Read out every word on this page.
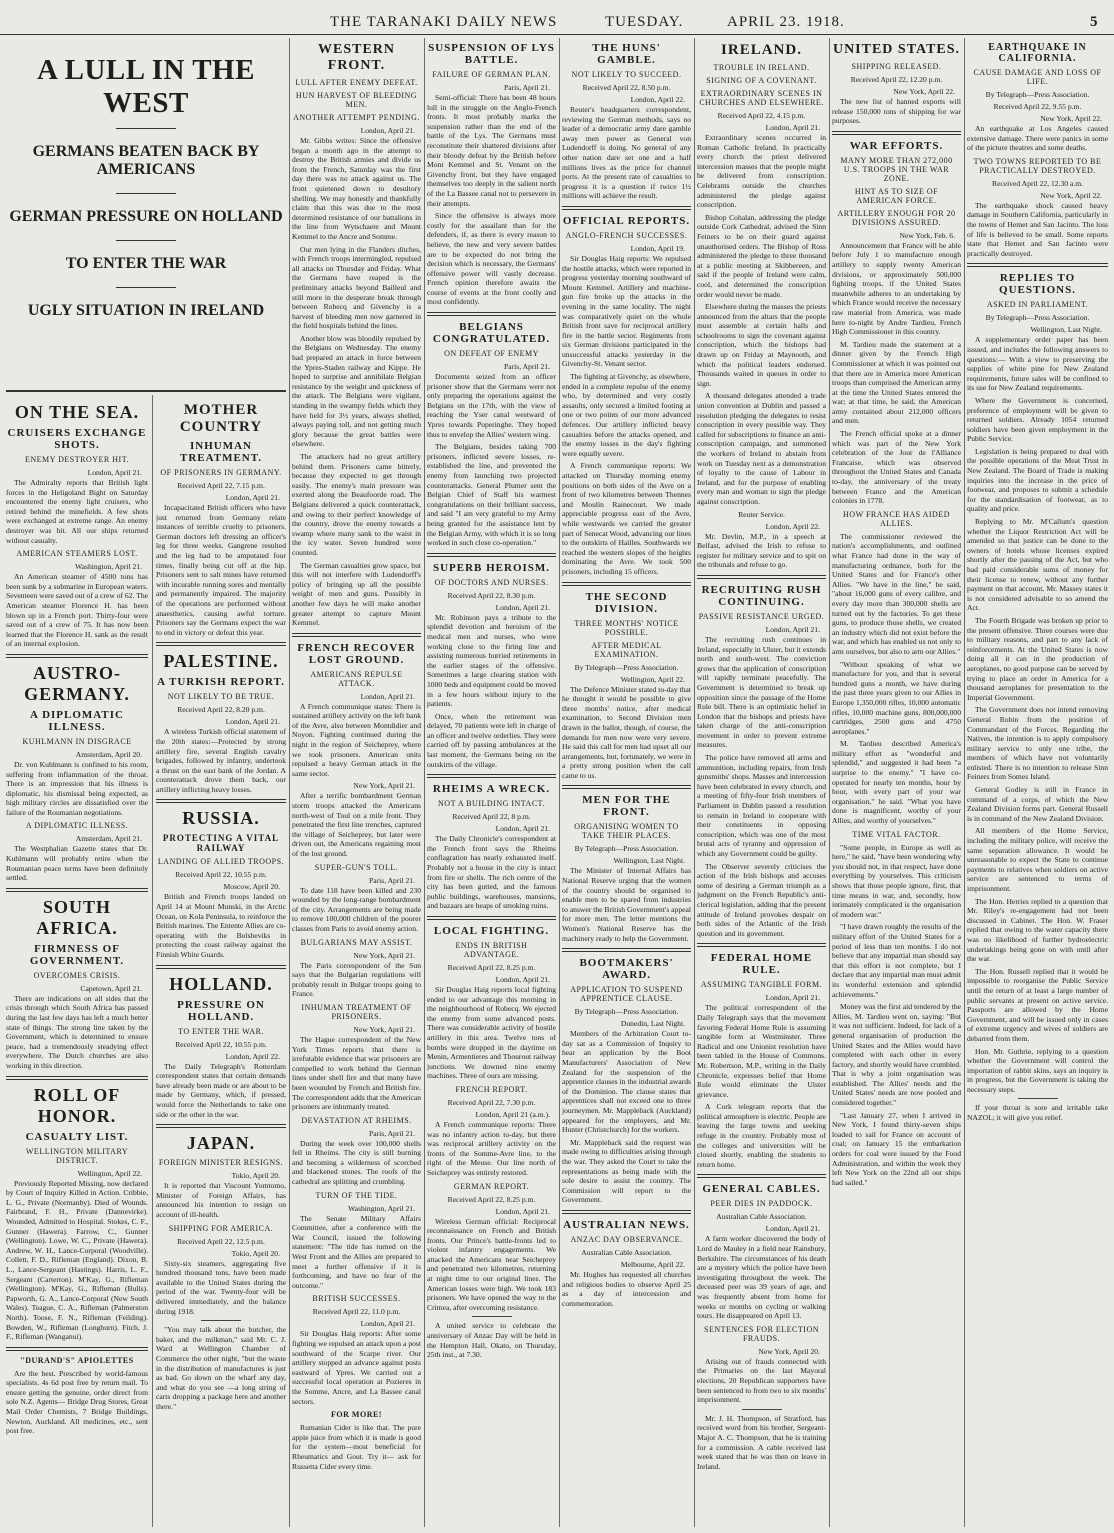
THE TARANAKI DAILY NEWS	TUESDAY.	APRIL 23. 1918.	5
A LULL IN THE WEST
GERMANS BEATEN BACK BY AMERICANS
GERMAN PRESSURE ON HOLLAND
TO ENTER THE WAR
UGLY SITUATION IN IRELAND
ON THE SEA.
CRUISERS EXCHANGE SHOTS.
ENEMY DESTROYER HIT.
London, April 21.

The Admiralty reports that British light forces in the Heligoland Bight on Saturday encountered the enemy light cruisers, who retired behind the minefields. A few shots were exchanged at extreme range. An enemy destroyer was hit. All our ships returned without casualty.

AMERICAN STEAMERS LOST.
Washington, April 21.

An American steamer of 4500 tons has been sunk by a submarine in European waters. Seventeen were saved out of a crew of 62. The American steamer Florence H. has been blown up in a French port. Thirty-four were saved out of a crew of 75. It has now been learned that the Florence H. sank as the result of an internal explosion.

AUSTRO-GERMANY.
A DIPLOMATIC ILLNESS.
KUHLMANN IN DISGRACE
Amsterdam, April 20.

Dr. von Kuhlmann is confined to his room, suffering from inflammation of the throat. There is an impression that his illness is diplomatic, his dismissal being expected, as high military circles are dissatisfied over the failure of the Roumanian negotiations.

A DIPLOMATIC ILLNESS.
Amsterdam, April 21.

The Westphalian Gazette states that Dr. Kuhlmann will probably retire when the Roumanian peace terms have been definitely settled.

SOUTH AFRICA.
FIRMNESS OF GOVERNMENT.
OVERCOMES CRISIS.
Capetown, April 21.

There are indications on all sides that the crisis through which South Africa has passed during the last few days has left a much better state of things. The strong line taken by the Government, which is determined to ensure peace, had a tremendously steadying effect everywhere. The Dutch churches are also working in this direction.

ROLL OF HONOR.
CASUALTY LIST.
WELLINGTON MILITARY DISTRICT.
Wellington, April 22.

Previously Reported Missing, now declared by Court of Inquiry Killed in Action. Cribbie, L. G., Private (Normanby). Died of Wounds. Fairbrand, F. H., Private (Dannevirke). Wounded, Admitted to Hospital. Stokes, C. F., Gunner (Hawera). Farrow, C., Gunner (Wellington). Lowe, W. C., Private (Hawera). Andrew, W. H., Lance-Corporal (Woodville). Collett, F. D., Rifleman (England). Dixon, B. L., Lance-Sergeant (Hastings). Harris, L. F., Sergeant (Carterton). M'Kay, G., Rifleman (Wellington). M'Kay, G., Rifleman (Bulls). Papworth, G. A., Lance-Corporal (New South Wales). Teague, C. A., Rifleman (Palmerston North). Toose, F. N., Rifleman (Feilding). Bowden, W., Rifleman (Longburn). Fitch, J. F., Rifleman (Wanganui).

"DURAND'S" APIOLETTES

Are the best. Prescribed by world-famous specialists. 4s 6d post free by return mail. To ensure getting the genuine, order direct from sole N.Z. Agents— Bridge Drug Stores, Great Mail Order Chemists, 7 Bridge Buildings, Newton, Auckland. All medicines, etc., sent post free.

MOTHER COUNTRY
INHUMAN TREATMENT.
OF PRISONERS IN GERMANY.
Received April 22, 7.15 p.m.
London, April 21.

Incapacitated British officers who have just returned from Germany relate instances of terrible cruelty to prisoners. German doctors left dressing an officer's leg for three weeks. Gangrene resulted and the leg had to be amputated four times, finally being cut off at the hip. Prisoners sent to salt mines have returned with incurable running sores and mentally and permanently impaired. The majority of the operations are performed without anaesthetics, causing awful torture. Prisoners say the Germans expect the war to end in victory or defeat this year.

PALESTINE.
A TURKISH REPORT.
NOT LIKELY TO BE TRUE.
Received April 22, 8.20 p.m.
London, April 21.

A wireless Turkish official statement of the 20th states:—Protected by strong artillery fire, several English cavalry brigades, followed by infantry, undertook a thrust on the east bank of the Jordan. A counterattack drove them back, our artillery inflicting heavy losses.

RUSSIA.
PROTECTING A VITAL RAILWAY
LANDING OF ALLIED TROOPS.
Received April 22, 10.55 p.m.
Moscow, April 20.

British and French troops landed on April 14 at Mount Munski, in the Arctic Ocean, on Kola Peninsula, to reinforce the British marines. The Entente Allies are co-operating with the Bolsheviks in protecting the coast railway against the Finnish White Guards.

HOLLAND.
PRESSURE ON HOLLAND.
TO ENTER THE WAR.
Received April 22, 10.55 p.m.
London, April 22.

The Daily Telegraph's Rotterdam correspondent states that certain demands have already been made or are about to be made by Germany, which, if pressed, would force the Netherlands to take one side or the other in the war.

JAPAN.
FOREIGN MINISTER RESIGNS.
Tokio, April 20.

It is reported that Viscount Yomtomo, Minister of Foreign Affairs, has announced his intention to resign on account of ill-health.

SHIPPING FOR AMERICA.
Received April 22, 12.5 p.m.
Tokio, April 20.

Sixty-six steamers, aggregating five hundred thousand tons, have been made available to the United States during the period of the war. Twenty-four will be delivered immediately, and the balance during 1918.

"You may talk about the butcher, the baker, and the milkman," said Mr. C. J. Ward at Wellington Chamber of Commerce the other night, "but the waste in the distribution of manufactures is just as bad. Go down on the wharf any day, and what do you see —a long string of carts dropping a package here and another there."

WESTERN FRONT.
LULL AFTER ENEMY DEFEAT.
HUN HARVEST OF BLEEDING MEN.
ANOTHER ATTEMPT PENDING.
London, April 21.

Mr. Gibbs writes: Since the offensive began a month ago in the attempt to destroy the British armies and divide us from the French, Saturday was the first day there was no attack against us. The front quietened down to desultory shelling. We may honestly and thankfully claim that this was due to the most determined resistance of our battalions in the line from Wytschaete and Mount Kemmel to the Ancre and Somme.

Our men lying in the Flanders ditches, with French troops intermingled, repulsed all attacks on Thursday and Friday. What the Germans have reaped is the preliminary attacks beyond Bailleul and still more in the desperate break through between Robecq and Givenchy is a harvest of bleeding men now garnered in the field hospitals behind the lines.

Another blow was bloodily repulsed by the Belgians on Wednesday. The enemy had prepared an attack in force between the Ypres-Staden railway and Kippe. He hoped to surprise and annihilate Belgian resistance by the weight and quickness of the attack. The Belgians were vigilant, standing in the swampy fields which they have held for 3½ years, always shelled, always paying toll, and not getting much glory because the great battles were elsewhere.

The attackers had no great artillery behind them. Prisoners came bitterly, because they expected to get through easily. The enemy's main pressure was exerted along the Beaufoorde road. The Belgians delivered a quick counterattack, and owing to their perfect knowledge of the country, drove the enemy towards a swamp where many sank to the waist in the icy water. Seven hundred were counted.

The German casualties grow space, but this will not interfere with Ludendorff's policy of bringing up all the possible weight of men and guns. Possibly in another few days he will make another greater attempt to capture Mount Kemmel.

FRENCH RECOVER LOST GROUND.
AMERICANS REPULSE ATTACK.
London, April 21.

A French communique states: There is sustained artillery activity on the left bank of the Avre, also between Montdidier and Noyon. Fighting continued during the night in the region of Seicheprey, where we took prisoners. American units repulsed a heavy German attack in the same sector.

New York, April 21.

After a terrific bombardment German storm troops attacked the Americans north-west of Toul on a mile front. They penetrated the first line trenches, captured the village of Seicheprey, but later were driven out, the Americans regaining most of the lost ground.

SUPER-GUN'S TOLL.
Paris, April 21.

To date 118 have been killed and 230 wounded by the long-range bombardment of the city. Arrangements are being made to remove 100,000 children of the poorer classes from Paris to avoid enemy action.

BULGARIANS MAY ASSIST.
New York, April 21.

The Paris correspondent of the Sun says that the Bulgarian regulations will probably result in Bulgar troops going to France.

INHUMAN TREATMENT OF PRISONERS.
New York, April 21.

The Hague correspondent of the New York Times reports that there is irrefutable evidence that war prisoners are compelled to work behind the German lines under shell fire and that many have been wounded by French and British fire. The correspondent adds that the American prisoners are inhumanly treated.

DEVASTATION AT RHEIMS.
Paris, April 21.

During the week over 100,000 shells fell in Rheims. The city is still burning and becoming a wilderness of scorched and blackened stones. The roofs of the cathedral are splitting and crumbling.

TURN OF THE TIDE.
Washington, April 21.

The Senate Military Affairs Committee, after a conference with the War Council, issued the following statement: "The tide has turned on the West Front and the Allies are prepared to meet a further offensive if it is forthcoming, and have no fear of the outcome."

BRITISH SUCCESSES.
Received April 22, 11.0 p.m.
London, April 21.

Sir Douglas Haig reports: After some fighting we repulsed an attack upon a post southward of the Scarpe river. Our artillery stopped an advance against posts eastward of Ypres. We carried out a successful local operation at Pozieres in the Somme, Ancre, and La Bassee canal sectors.

FOR MORE!

Rumanian Cider is like that. The pure apple juice from which it is made is good for the system—most beneficial for Rheumatics and Gout. Try it— ask for Russetta Cider every time.

SUSPENSION OF LYS BATTLE.
FAILURE OF GERMAN PLAN.
Paris, April 21.

Semi-official: There has been 48 hours lull in the struggle on the Anglo-French fronts. It most probably marks the suspension rather than the end of the battle of the Lys. The Germans must reconstitute their shattered divisions after their bloody defeat by the British before Mont Kemmel and St. Venant on the Givenchy front, but they have engaged themselves too deeply in the salient north of the La Bassee canal not to persevere in their attempts.

Since the offensive is always more costly for the assailant than for the defenders, if, as there is every reason to believe, the new and very severe battles are to be expected do not bring the decision which is necessary, the Germans' offensive power will vastly decrease. French opinion therefore awaits the course of events at the front coolly and most confidently.

BELGIANS CONGRATULATED.
ON DEFEAT OF ENEMY
Paris, April 21.

Documents seized from an officer prisoner show that the Germans were not only preparing the operations against the Belgians on the 17th, with the view of reaching the Yser canal westward of Ypres towards Poperinghe. They hoped thus to envelop the Allies' western wing.

The Belgians, besides taking 700 prisoners, inflicted severe losses, re-established the line, and prevented the enemy from launching two projected counterattacks. General Plumer sent the Belgian Chief of Staff his warmest congratulations on their brilliant success, and said "I am very grateful to my Army being granted for the assistance lent by the Belgian Army, with which it is so long worked in such close co-operation."

SUPERB HEROISM.
OF DOCTORS AND NURSES.
Received April 22, 8.30 p.m.
London, April 21.

Mr. Robinson pays a tribute to the splendid devotion and heroism of the medical men and nurses, who were working close to the firing line and assisting numerous hurried retirements in the earlier stages of the offensive. Sometimes a large clearing station with 1000 beds and equipment could be moved in a few hours without injury to the patients.

Once, when the retirement was delayed, 70 patients were left in charge of an officer and twelve orderlies. They were carried off by passing ambulances at the last moment, the Germans being on the outskirts of the village.

RHEIMS A WRECK.
NOT A BUILDING INTACT.
Received April 22, 8 p.m.
London, April 21.

The Daily Chronicle's correspondent at the French front says the Rheims conflagration has nearly exhausted itself. Probably not a house in the city is intact from fire or shells. The rich centre of the city has been gutted, and the famous public buildings, warehouses, mansions, and bazaars are heaps of smoking ruins.

LOCAL FIGHTING.
ENDS IN BRITISH ADVANTAGE.
Received April 22, 8.25 p.m.
London, April 21.

Sir Douglas Haig reports local fighting ended to our advantage this morning in the neighbourhood of Robecq. We ejected the enemy from some advanced posts. There was considerable activity of hostile artillery in this area. Twelve tons of bombs were dropped in the daytime on Menin, Armentieres and Thourout railway junctions. We downed nine enemy machines. Three of ours are missing.

FRENCH REPORT.
Received April 22, 7.30 p.m.
London, April 21 (a.m.).

A French communique reports: There was no infantry action to-day, but there was reciprocal artillery activity on the fronts of the Somme-Avre line, to the right of the Meuse. Our line north of Seicheprey was entirely restored.

GERMAN REPORT.
Received April 22, 8.25 p.m.
London, April 21.

Wireless German official: Reciprocal reconnaissance on French and British fronts. Our Prince's battle-fronts led to violent infantry engagements. We attacked the Americans near Seicheprey and penetrated two kilometres, returning at night time to our original lines. The American losses were high. We took 183 prisoners. We have opened the way to the Crimea, after overcoming resistance.

A united service to celebrate the anniversary of Anzac Day will be held in the Hempton Hall, Okato, on Thursday, 25th inst., at 7.30.

THE HUNS' GAMBLE.
NOT LIKELY TO SUCCEED.
Received April 22, 8.50 p.m.
London, April 22.

Reuter's headquarters correspondent, reviewing the German methods, says no leader of a democratic army dare gamble away men power as General von Ludendorff is doing. No general of any other nation dare set one and a half millions lives as the price for channel ports. At the present rate of casualties to progress it is a question if twice 1½ millions will achieve the result.

OFFICIAL REPORTS.
ANGLO-FRENCH SUCCESSES.
London, April 19.

Sir Douglas Haig reports: We repulsed the hostile attacks, which were reported in progress yesterday morning southward of Mount Kemmel. Artillery and machine-gun fire broke up the attacks in the evening in the same locality. The night was comparatively quiet on the whole British front save for reciprocal artillery fire in the battle sector. Regiments from six German divisions participated in the unsuccessful attacks yesterday in the Givenchy-St. Venant sector.

The fighting at Givenchy, as elsewhere, ended in a complete repulse of the enemy who, by determined and very costly assaults, only secured a limited footing at one or two points of our more advanced defences. Our artillery inflicted heavy casualties before the attacks opened, and the enemy losses in the day's fighting were equally severe.

A French communique reports: We attacked on Thursday morning enemy positions on both sides of the Avre on a front of two kilometres between Thennes and Moulin Rainecourt. We made appreciable progress east of the Avre, while westwards we carried the greater part of Senecat Wood, advancing our lines to the outskirts of Hailles. Southwards we reached the western slopes of the heights dominating the Avre. We took 500 prisoners, including 15 officers.

THE SECOND DIVISION.
THREE MONTHS' NOTICE POSSIBLE.
AFTER MEDICAL EXAMINATION.
By Telegraph—Press Association.
Wellington, April 22.

The Defence Minister stated to-day that he thought it would be possible to give three months' notice, after medical examination, to Second Division men drawn in the ballot, though, of course, the demands for men now were very severe. He said this call for men had upset all our arrangements, but, fortunately, we were in a pretty strong position when the call came to us.

MEN FOR THE FRONT.
ORGANISING WOMEN TO TAKE THEIR PLACES.
By Telegraph—Press Association.
Wellington, Last Night.

The Minister of Internal Affairs has National Reserve urging that the women of the country should be organised to enable men to be spared from industries to answer the British Government's appeal for more men. The letter mentions the Women's National Reserve has the machinery ready to help the Government.

BOOTMAKERS' AWARD.
APPLICATION TO SUSPEND APPRENTICE CLAUSE.
By Telegraph—Press Association.
Dunedin, Last Night.

Members of the Arbitration Court to-day sat as a Commission of Inquiry to hear an application by the Boot Manufacturers' Association of New Zealand for the suspension of the apprentice clauses in the industrial awards of the Dominion. The clause states that apprentices shall not exceed one to three journeymen. Mr. Mappleback (Auckland) appeared for the employers, and Mr. Hunter (Christchurch) for the workers.

Mr. Mappleback said the request was made owing to difficulties arising through the war. They asked the Court to take the representations as being made with the sole desire to assist the country. The Commission will report to the Government.

AUSTRALIAN NEWS.
ANZAC DAY OBSERVANCE.
Australian Cable Association.
Melbourne, April 22.

Mr. Hughes has requested all churches and religious bodies to observe April 25 as a day of intercession and commemoration.

IRELAND.
TROUBLE IN IRELAND.
SIGNING OF A COVENANT.
EXTRAORDINARY SCENES IN CHURCHES AND ELSEWHERE.
Received April 22, 4.15 p.m.
London, April 21.

Extraordinary scenes occurred in Roman Catholic Ireland. In practically every church the priest delivered intercession masses that the people might be delivered from conscription. Celebrants outside the churches administered the pledge against conscription.

Bishop Cohalan, addressing the pledge outside Cork Cathedral, advised the Sinn Feiners to be on their guard against unauthorised orders. The Bishop of Ross administered the pledge to three thousand at a public meeting at Skibbereen, and said if the people of Ireland were calm, cool, and determined the conscription order would never be made.

Elsewhere during the masses the priests announced from the altars that the people must assemble at certain halls and schoolrooms to sign the covenant against conscription, which the bishops had drawn up on Friday at Maynooth, and which the political leaders endorsed. Thousands waited in queues in order to sign.

A thousand delegates attended a trade union convention at Dublin and passed a resolution pledging the delegates to resist conscription in every possible way. They called for subscriptions to finance an anti-conscription campaign, and summoned the workers of Ireland to abstain from work on Tuesday next as a demonstration of loyalty to the cause of Labour in Ireland, and for the purpose of enabling every man and woman to sign the pledge against conscription.

Reuter Service.
London, April 22.

Mr. Devlin, M.P., in a speech at Belfast, advised the Irish to refuse to register for military service and to spit on the tribunals and refuse to go.

RECRUITING RUSH CONTINUING.
PASSIVE RESISTANCE URGED.
London, April 21.

The recruiting rush continues in Ireland, especially in Ulster, but it extends north and south-west. The conviction grows that the application of conscription will rapidly terminate peacefully. The Government is determined to break up opposition since the passage of the Home Rule bill. There is an optimistic belief in London that the bishops and priests have taken charge of the anti-conscription movement in order to prevent extreme measures.

The police have removed all arms and ammunition, including repairs, from Irish gunsmiths' shops. Masses and intercession have been celebrated in every church, and a meeting of fifty-four Irish members of Parliament in Dublin passed a resolution to remain in Ireland to cooperate with their constituents in opposing conscription, which was one of the most brutal acts of tyranny and oppression of which any Government could be guilty.

The Observer severely criticises the action of the Irish bishops and accuses some of desiring a German triumph as a judgment on the French Republic's anti-clerical legislation, adding that the present attitude of Ireland provokes despair on both sides of the Atlantic of the Irish question and its government.

FEDERAL HOME RULE.
ASSUMING TANGIBLE FORM.
London, April 21.

The political correspondent of the Daily Telegraph says that the movement favoring Federal Home Rule is assuming tangible form at Westminster. Three Radical and one Unionist resolution have been tabled in the House of Commons. Mr. Robertson, M.P., writing in the Daily Chronicle, expresses belief that Home Rule would eliminate the Ulster grievance.

A Cork telegram reports that the political atmosphere is electric. People are leaving the large towns and seeking refuge in the country. Probably most of the colleges and universities will be closed shortly, enabling the students to return home.

GENERAL CABLES.
PEER DIES IN PADDOCK.
Australian Cable Association.
London, April 21.

A farm worker discovered the body of Lord de Mauley in a field near Rainsbury, Berkshire. The circumstances of his death are a mystery which the police have been investigating throughout the week. The deceased peer was 39 years of age, and was frequently absent from home for weeks or months on cycling or walking tours. He disappeared on April 13.

SENTENCES FOR ELECTION FRAUDS.
New York, April 20.

Arising out of frauds connected with the Primaries on the last Mayoral elections, 20 Republican supporters have been sentenced to from two to six months' imprisonment.

Mr. J. H. Thompson, of Stratford, has received word from his brother, Sergeant-Major A. C. Thompson, that he is training for a commission. A cable received last week stated that he was then on leave in Ireland.

UNITED STATES.
SHIPPING RELEASED.
Received April 22, 12.20 p.m.
New York, April 22.

The new list of banned exports will release 150,000 tons of shipping for war purposes.

WAR EFFORTS.
MANY MORE THAN 272,000 U.S. TROOPS IN THE WAR ZONE.
HINT AS TO SIZE OF AMERICAN FORCE.
ARTILLERY ENOUGH FOR 20 DIVISIONS ASSURED.
New York, Feb. 6.

Announcement that France will be able before July 1 to manufacture enough artillery to supply twenty American divisions, or approximately 500,000 fighting troops, if the United States meanwhile adheres to an undertaking by which France would receive the necessary raw material from America, was made here to-night by Andre Tardieu, French High Commissioner in this country.

M. Tardieu made the statement at a dinner given by the French High Commissioner at which it was pointed out that there are in America more American troops than comprised the American army at the time the United States entered the war; at that time, he said, the American army contained about 212,000 officers and men.

The French official spoke at a dinner which was part of the New York celebration of the Jour de l'Alliance Francaise, which was observed throughout the United States and Canada to-day, the anniversary of the treaty between France and the American colonies in 1778.

HOW FRANCE HAS AIDED ALLIES.

The commissioner reviewed the nation's accomplishments, and outlined what France had done in the way of manufacturing ordnance, both for the United States and for France's other Allies. "We have in the line," he said, "about 16,000 guns of every calibre, and every day more than 300,000 shells are turned out by the factories. To get these guns, to produce those shells, we created an industry which did not exist before the war, and which has enabled us not only to arm ourselves, but also to arm our Allies."

"Without speaking of what we manufacture for you, and that is several hundred guns a month, we have during the past three years given to our Allies in Europe 1,350,000 rifles, 10,000 automatic rifles, 10,000 machine guns, 800,000,000 cartridges, 2500 guns and 4750 aeroplanes."

M. Tardieu described America's military effort as "wonderful and splendid," and suggested it had been "a surprise to the enemy." "I have co-operated for nearly ten months, hour by hour, with every part of your war organisation," he said. "What you have done is magnificent, worthy of your Allies, and worthy of yourselves."

TIME VITAL FACTOR.

"Some people, in Europe as well as here," he said, "have been wondering why you should not, in that respect, have done everything by yourselves. This criticism shows that those people ignore, first, that time means in war, and, secondly, how intimately complicated is the organisation of modern war."

"I have drawn roughly the results of the military effort of the United States for a period of less than ten months. I do not believe that any impartial man should say that this effort is not complete, but I declare that any impartial man must admit its wonderful extension and splendid achievements."

Money was the first aid tendered by the Allies, M. Tardieu went on, saying: "But it was not sufficient. Indeed, for lack of a general organisation of production the United States and the Allies would have completed with each other in every factory, and shortly would have crumbled. That is why a joint organisation was established. The Allies' needs and the United States' needs are now pooled and considered together."

"Last January 27, when I arrived in New York, I found thirty-seven ships loaded to sail for France on account of coal; on January 15 the embarkation orders for coal were issued by the Food Administration, and within the week they left New York on the 22nd all our ships had sailed."

EARTHQUAKE IN CALIFORNIA.
CAUSE DAMAGE AND LOSS OF LIFE.
By Telegraph—Press Association.
Received April 22, 9.55 p.m.
New York, April 22.

An earthquake at Los Angeles caused extensive damage. There were panics in some of the picture theatres and some deaths.

TWO TOWNS REPORTED TO BE PRACTICALLY DESTROYED.
Received April 22, 12.30 a.m.
New York, April 22.

The earthquake shock caused heavy damage in Southern California, particularly in the towns of Hemet and San Jacinto. The loss of life is believed to be small. Some reports state that Hemet and San Jacinto were practically destroyed.

REPLIES TO QUESTIONS.
ASKED IN PARLIAMENT.
By Telegraph—Press Association.
Wellington, Last Night.

A supplementary order paper has been issued, and includes the following answers to questions:— With a view to preserving the supplies of white pine for New Zealand requirements, future sales will be confined to its use for New Zealand requirements.

Where the Government is concerned, preference of employment will be given to returned soldiers. Already 1054 returned soldiers have been given employment in the Public Service.

Legislation is being prepared to deal with the possible operations of the Meat Trust in New Zealand. The Board of Trade is making inquiries into the increase in the price of footwear, and proposes to submit a schedule for the standardisation of footwear, as to quality and price.

Replying to Mr. M'Callum's question whether the Liquor Restriction Act will be amended so that justice can be done to the owners of hotels whose licenses expired shortly after the passing of the Act, but who had paid considerable sums of money for their license to renew, without any further payment on that account, Mr. Massey states it is not considered advisable to so amend the Act.

The Fourth Brigade was broken up prior to the present offensive. Three courses were due to military reasons, and part to any lack of reinforcements. At the United States is now doing all it can in the production of aeroplanes, no good purpose can be served by trying to place an order in America for a thousand aeroplanes for presentation to the Imperial Government.

The Government does not intend removing General Robin from the position of Commandant of the Forces. Regarding the Natives, the intention is to apply compulsory military service to only one tribe, the members of which have not voluntarily enlisted. There is no intention to release Sinn Feiners from Somes Island.

General Godley is still in France in command of a corps, of which the New Zealand Division forms part. General Russell is in command of the New Zealand Division.

All members of the Home Service, including the military police, will receive the same separation allowance. It would be unreasonable to expect the State to continue payments to relatives when soldiers on active service are sentenced to terms of imprisonment.

The Hon. Herries replied to a question that Mr. Riley's re-engagement had not been discussed in Cabinet. The Hon. W. Fraser replied that owing to the water capacity there was no likelihood of further hydroelectric undertakings being gone on with until after the war.

The Hon. Russell replied that it would be impossible to reorganise the Public Service until the return of at least a large number of public servants at present on active service. Passports are allowed by the Home Government, and will be issued only in cases of extreme urgency and wives of soldiers are debarred from them.

Hon. Mr. Guthrie, replying to a question whether the Government will control the importation of rabbit skins, says an inquiry is in progress, but the Government is taking the necessary steps.

If your throat is sore and irritable take NAZOL; it will give you relief.
